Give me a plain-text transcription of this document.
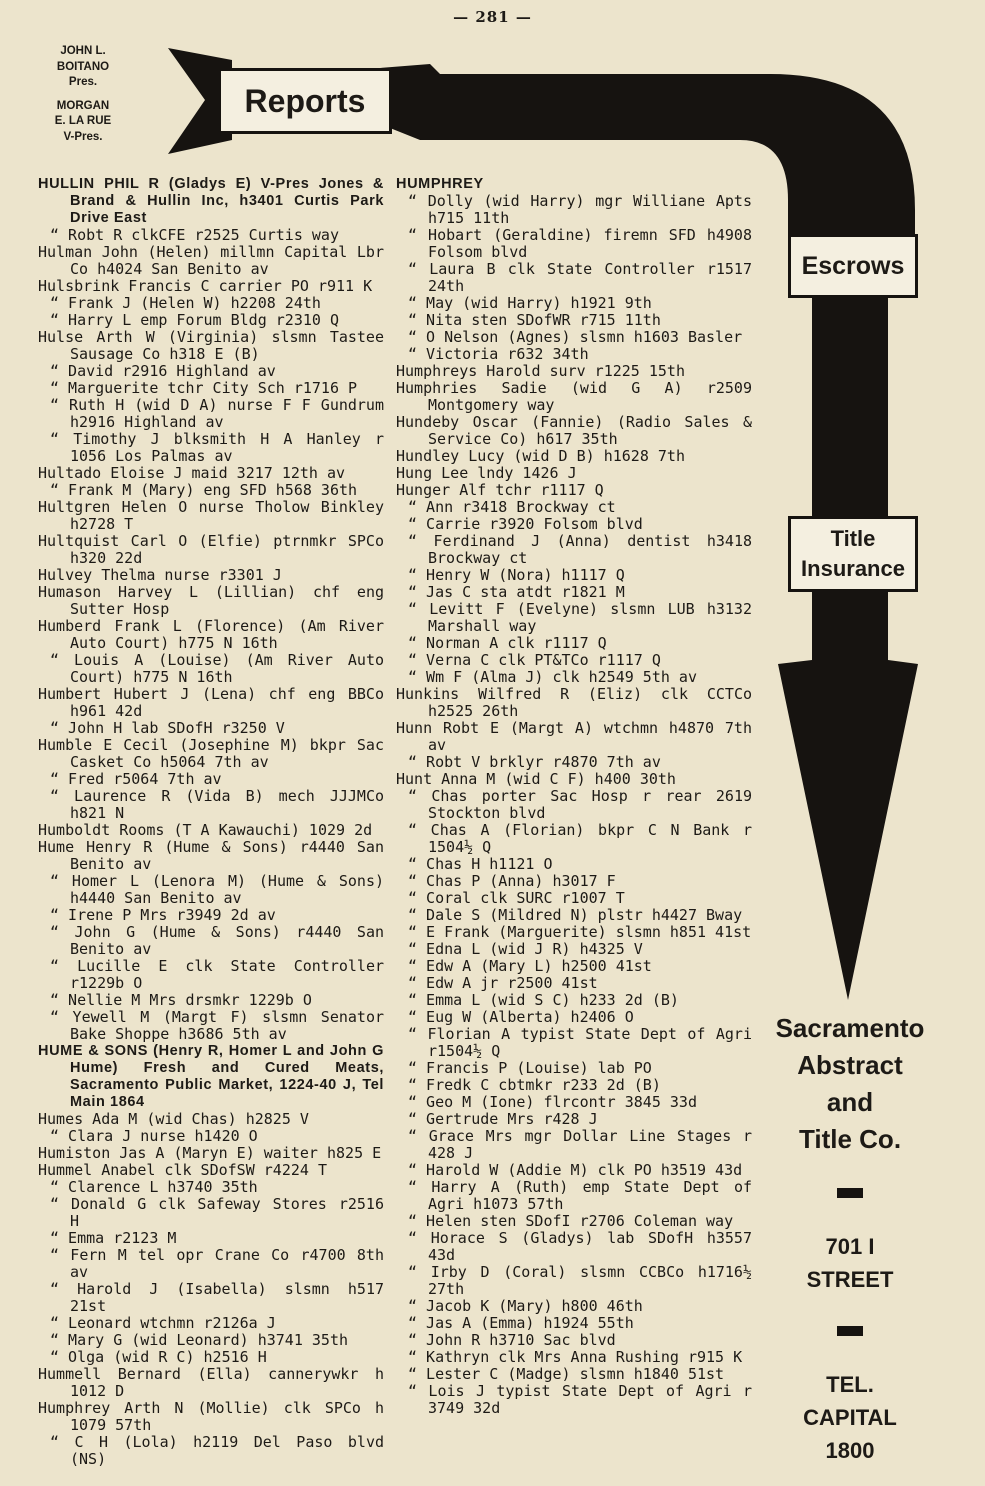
— 281 —
JOHN L.
BOITANO
Pres.
MORGAN
E. LA RUE
V-Pres.
Reports
Escrows
Title
Insurance
Sacramento
Abstract
and
Title Co.
701 I
STREET
TEL.
CAPITAL
1800
HULLIN PHIL R (Gladys E) V-Pres Jones & Brand & Hullin Inc, h3401 Curtis Park Drive East
“ Robt R clkCFE r2525 Curtis way
Hulman John (Helen) millmn Capital Lbr Co h4024 San Benito av
Hulsbrink Francis C carrier PO r911 K
“ Frank J (Helen W) h2208 24th
“ Harry L emp Forum Bldg r2310 Q
Hulse Arth W (Virginia) slsmn Tastee Sausage Co h318 E (B)
“ David r2916 Highland av
“ Marguerite tchr City Sch r1716 P
“ Ruth H (wid D A) nurse F F Gundrum h2916 Highland av
“ Timothy J blksmith H A Hanley r 1056 Los Palmas av
Hultado Eloise J maid 3217 12th av
“ Frank M (Mary) eng SFD h568 36th
Hultgren Helen O nurse Tholow Binkley h2728 T
Hultquist Carl O (Elfie) ptrnmkr SPCo h320 22d
Hulvey Thelma nurse r3301 J
Humason Harvey L (Lillian) chf eng Sutter Hosp
Humberd Frank L (Florence) (Am River Auto Court) h775 N 16th
“ Louis A (Louise) (Am River Auto Court) h775 N 16th
Humbert Hubert J (Lena) chf eng BBCo h961 42d
“ John H lab SDofH r3250 V
Humble E Cecil (Josephine M) bkpr Sac Casket Co h5064 7th av
“ Fred r5064 7th av
“ Laurence R (Vida B) mech JJJMCo h821 N
Humboldt Rooms (T A Kawauchi) 1029 2d
Hume Henry R (Hume & Sons) r4440 San Benito av
“ Homer L (Lenora M) (Hume & Sons) h4440 San Benito av
“ Irene P Mrs r3949 2d av
“ John G (Hume & Sons) r4440 San Benito av
“ Lucille E clk State Controller r1229b O
“ Nellie M Mrs drsmkr 1229b O
“ Yewell M (Margt F) slsmn Senator Bake Shoppe h3686 5th av
HUME & SONS (Henry R, Homer L and John G Hume) Fresh and Cured Meats, Sacramento Public Market, 1224-40 J, Tel Main 1864
Humes Ada M (wid Chas) h2825 V
“ Clara J nurse h1420 O
Humiston Jas A (Maryn E) waiter h825 E
Hummel Anabel clk SDofSW r4224 T
“ Clarence L h3740 35th
“ Donald G clk Safeway Stores r2516 H
“ Emma r2123 M
“ Fern M tel opr Crane Co r4700 8th av
“ Harold J (Isabella) slsmn h517 21st
“ Leonard wtchmn r2126a J
“ Mary G (wid Leonard) h3741 35th
“ Olga (wid R C) h2516 H
Hummell Bernard (Ella) cannerywkr h 1012 D
Humphrey Arth N (Mollie) clk SPCo h 1079 57th
“ C H (Lola) h2119 Del Paso blvd (NS)
HUMPHREY
“ Dolly (wid Harry) mgr Williane Apts h715 11th
“ Hobart (Geraldine) firemn SFD h4908 Folsom blvd
“ Laura B clk State Controller r1517 24th
“ May (wid Harry) h1921 9th
“ Nita sten SDofWR r715 11th
“ O Nelson (Agnes) slsmn h1603 Basler
“ Victoria r632 34th
Humphreys Harold surv r1225 15th
Humphries Sadie (wid G A) r2509 Montgomery way
Hundeby Oscar (Fannie) (Radio Sales & Service Co) h617 35th
Hundley Lucy (wid D B) h1628 7th
Hung Lee lndy 1426 J
Hunger Alf tchr r1117 Q
“ Ann r3418 Brockway ct
“ Carrie r3920 Folsom blvd
“ Ferdinand J (Anna) dentist h3418 Brockway ct
“ Henry W (Nora) h1117 Q
“ Jas C sta atdt r1821 M
“ Levitt F (Evelyne) slsmn LUB h3132 Marshall way
“ Norman A clk r1117 Q
“ Verna C clk PT&TCo r1117 Q
“ Wm F (Alma J) clk h2549 5th av
Hunkins Wilfred R (Eliz) clk CCTCo h2525 26th
Hunn Robt E (Margt A) wtchmn h4870 7th av
“ Robt V brklyr r4870 7th av
Hunt Anna M (wid C F) h400 30th
“ Chas porter Sac Hosp r rear 2619 Stockton blvd
“ Chas A (Florian) bkpr C N Bank r 1504½ Q
“ Chas H h1121 O
“ Chas P (Anna) h3017 F
“ Coral clk SURC r1007 T
“ Dale S (Mildred N) plstr h4427 Bway
“ E Frank (Marguerite) slsmn h851 41st
“ Edna L (wid J R) h4325 V
“ Edw A (Mary L) h2500 41st
“ Edw A jr r2500 41st
“ Emma L (wid S C) h233 2d (B)
“ Eug W (Alberta) h2406 O
“ Florian A typist State Dept of Agri r1504½ Q
“ Francis P (Louise) lab PO
“ Fredk C cbtmkr r233 2d (B)
“ Geo M (Ione) flrcontr 3845 33d
“ Gertrude Mrs r428 J
“ Grace Mrs mgr Dollar Line Stages r 428 J
“ Harold W (Addie M) clk PO h3519 43d
“ Harry A (Ruth) emp State Dept of Agri h1073 57th
“ Helen sten SDofI r2706 Coleman way
“ Horace S (Gladys) lab SDofH h3557 43d
“ Irby D (Coral) slsmn CCBCo h1716½ 27th
“ Jacob K (Mary) h800 46th
“ Jas A (Emma) h1924 55th
“ John R h3710 Sac blvd
“ Kathryn clk Mrs Anna Rushing r915 K
“ Lester C (Madge) slsmn h1840 51st
“ Lois J typist State Dept of Agri r 3749 32d
